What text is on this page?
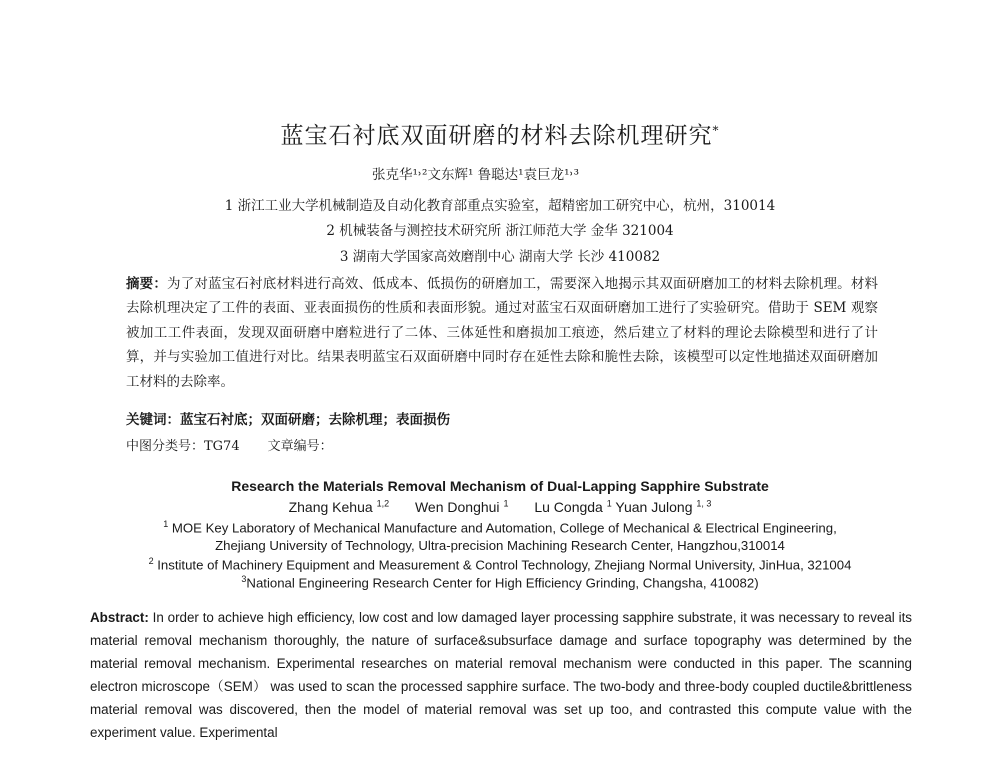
蓝宝石衬底双面研磨的材料去除机理研究*
张克华¹˒²文东辉¹ 鲁聪达¹袁巨龙¹˒³
1 浙江工业大学机械制造及自动化教育部重点实验室，超精密加工研究中心，杭州，310014
2 机械装备与测控技术研究所 浙江师范大学 金华 321004
3 湖南大学国家高效磨削中心 湖南大学 长沙 410082
摘要：为了对蓝宝石衬底材料进行高效、低成本、低损伤的研磨加工，需要深入地揭示其双面研磨加工的材料去除机理。材料去除机理决定了工件的表面、亚表面损伤的性质和表面形貌。通过对蓝宝石双面研磨加工进行了实验研究。借助于 SEM 观察被加工工件表面，发现双面研磨中磨粒进行了二体、三体延性和磨损加工痕迹，然后建立了材料的理论去除模型和进行了计算，并与实验加工值进行对比。结果表明蓝宝石双面研磨中同时存在延性去除和脆性去除，该模型可以定性地描述双面研磨加工材料的去除率。
关键词：蓝宝石衬底；双面研磨；去除机理；表面损伤
中图分类号：TG74 文章编号：
Research the Materials Removal Mechanism of Dual-Lapping Sapphire Substrate
Zhang Kehua $^{1,2}$ Wen Donghui $^1$ Lu Congda $^1$ Yuan Julong $^{1, 3}$
$^1$ MOE Key Laboratory of Mechanical Manufacture and Automation, College of Mechanical & Electrical Engineering,
Zhejiang University of Technology, Ultra-precision Machining Research Center, Hangzhou,310014
$^2$ Institute of Machinery Equipment and Measurement & Control Technology, Zhejiang Normal University, JinHua, 321004
$^3$National Engineering Research Center for High Efficiency Grinding, Changsha, 410082)
Abstract: In order to achieve high efficiency, low cost and low damaged layer processing sapphire substrate, it was necessary to reveal its material removal mechanism thoroughly, the nature of surface&subsurface damage and surface topography was determined by the material removal mechanism. Experimental researches on material removal mechanism were conducted in this paper. The scanning electron microscope（SEM） was used to scan the processed sapphire surface. The two-body and three-body coupled ductile&brittleness material removal was discovered, then the model of material removal was set up too, and contrasted this compute value with the experiment value. Experimental
